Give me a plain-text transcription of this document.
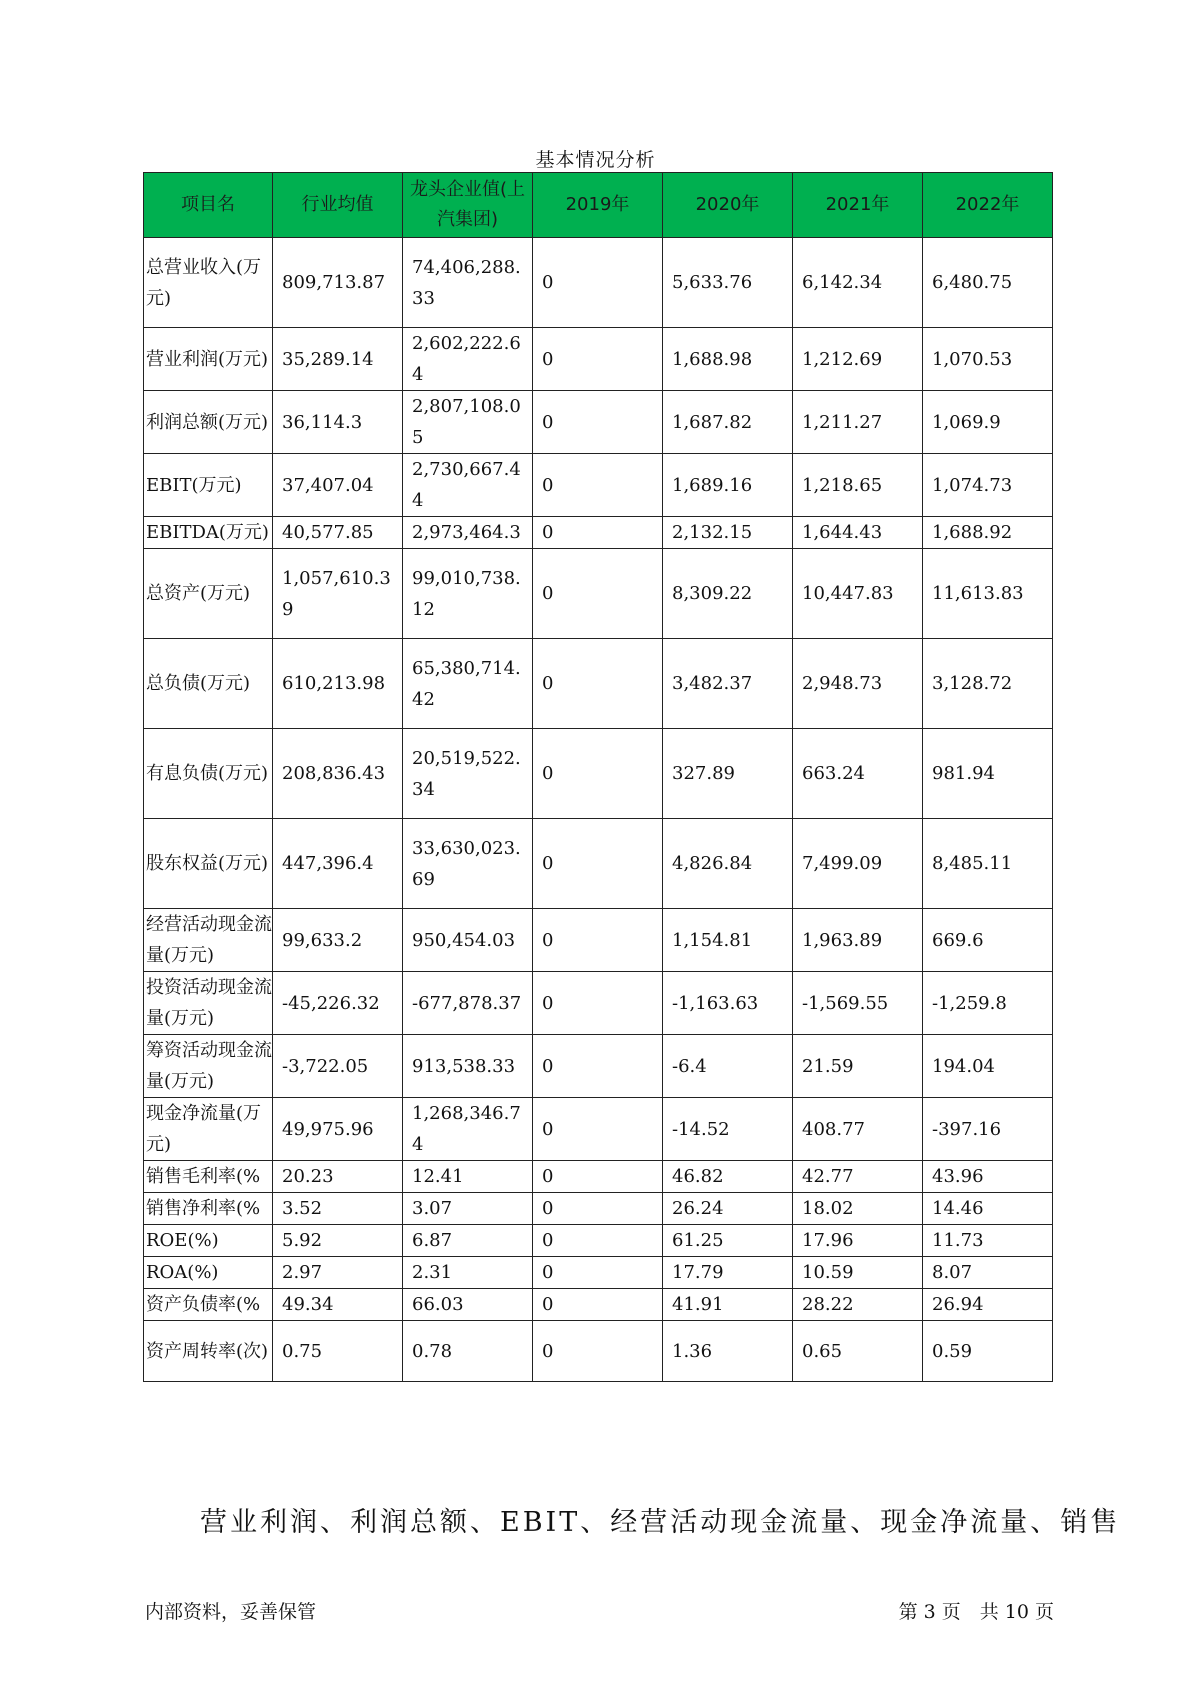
基本情况分析
项目名	行业均值	龙头企业值(上汽集团)	2019年	2020年	2021年	2022年
总营业收入(万元)	809,713.87	74,406,288.33	0	5,633.76	6,142.34	6,480.75
营业利润(万元)	35,289.14	2,602,222.64	0	1,688.98	1,212.69	1,070.53
利润总额(万元)	36,114.3	2,807,108.05	0	1,687.82	1,211.27	1,069.9
EBIT(万元)	37,407.04	2,730,667.44	0	1,689.16	1,218.65	1,074.73
EBITDA(万元)	40,577.85	2,973,464.3	0	2,132.15	1,644.43	1,688.92
总资产(万元)	1,057,610.39	99,010,738.12	0	8,309.22	10,447.83	11,613.83
总负债(万元)	610,213.98	65,380,714.42	0	3,482.37	2,948.73	3,128.72
有息负债(万元)	208,836.43	20,519,522.34	0	327.89	663.24	981.94
股东权益(万元)	447,396.4	33,630,023.69	0	4,826.84	7,499.09	8,485.11
经营活动现金流量(万元)	99,633.2	950,454.03	0	1,154.81	1,963.89	669.6
投资活动现金流量(万元)	-45,226.32	-677,878.37	0	-1,163.63	-1,569.55	-1,259.8
筹资活动现金流量(万元)	-3,722.05	913,538.33	0	-6.4	21.59	194.04
现金净流量(万元)	49,975.96	1,268,346.74	0	-14.52	408.77	-397.16
销售毛利率(%	20.23	12.41	0	46.82	42.77	43.96
销售净利率(%	3.52	3.07	0	26.24	18.02	14.46
ROE(%)	5.92	6.87	0	61.25	17.96	11.73
ROA(%)	2.97	2.31	0	17.79	10.59	8.07
资产负债率(%	49.34	66.03	0	41.91	28.22	26.94
资产周转率(次)	0.75	0.78	0	1.36	0.65	0.59
营业利润、利润总额、EBIT、经营活动现金流量、现金净流量、销售
内部资料，妥善保管	第 3 页　共 10 页
